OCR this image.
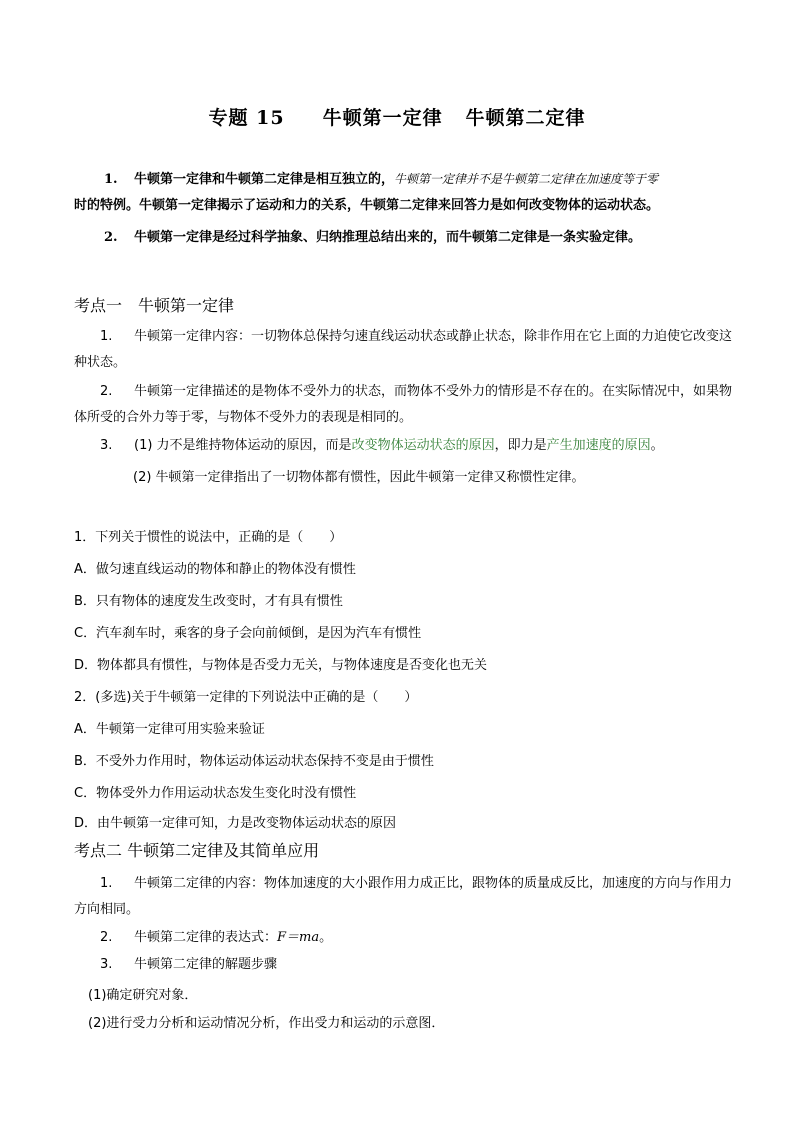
专题 15 牛顿第一定律 牛顿第二定律
1. 牛顿第一定律和牛顿第二定律是相互独立的，牛顿第一定律并不是牛顿第二定律在加速度等于零
时的特例。牛顿第一定律揭示了运动和力的关系，牛顿第二定律来回答力是如何改变物体的运动状态。
2. 牛顿第一定律是经过科学抽象、归纳推理总结出来的，而牛顿第二定律是一条实验定律。
考点一　牛顿第一定律
1. 牛顿第一定律内容：一切物体总保持匀速直线运动状态或静止状态，除非作用在它上面的力迫使它改变这种状态。
2. 牛顿第一定律描述的是物体不受外力的状态，而物体不受外力的情形是不存在的。在实际情况中，如果物体所受的合外力等于零，与物体不受外力的表现是相同的。
3. (1) 力不是维持物体运动的原因，而是改变物体运动状态的原因，即力是产生加速度的原因。
(2) 牛顿第一定律指出了一切物体都有惯性，因此牛顿第一定律又称惯性定律。
1．下列关于惯性的说法中，正确的是（　　）
A．做匀速直线运动的物体和静止的物体没有惯性
B．只有物体的速度发生改变时，才有具有惯性
C．汽车刹车时，乘客的身子会向前倾倒，是因为汽车有惯性
D．物体都具有惯性，与物体是否受力无关，与物体速度是否变化也无关
2．(多选)关于牛顿第一定律的下列说法中正确的是（　　）
A．牛顿第一定律可用实验来验证
B．不受外力作用时，物体运动体运动状态保持不变是由于惯性
C．物体受外力作用运动状态发生变化时没有惯性
D．由牛顿第一定律可知，力是改变物体运动状态的原因
考点二 牛顿第二定律及其简单应用
1. 牛顿第二定律的内容：物体加速度的大小跟作用力成正比，跟物体的质量成反比，加速度的方向与作用力方向相同。
2. 牛顿第二定律的表达式：F＝ma。
3. 牛顿第二定律的解题步骤
(1)确定研究对象．
(2)进行受力分析和运动情况分析，作出受力和运动的示意图．
